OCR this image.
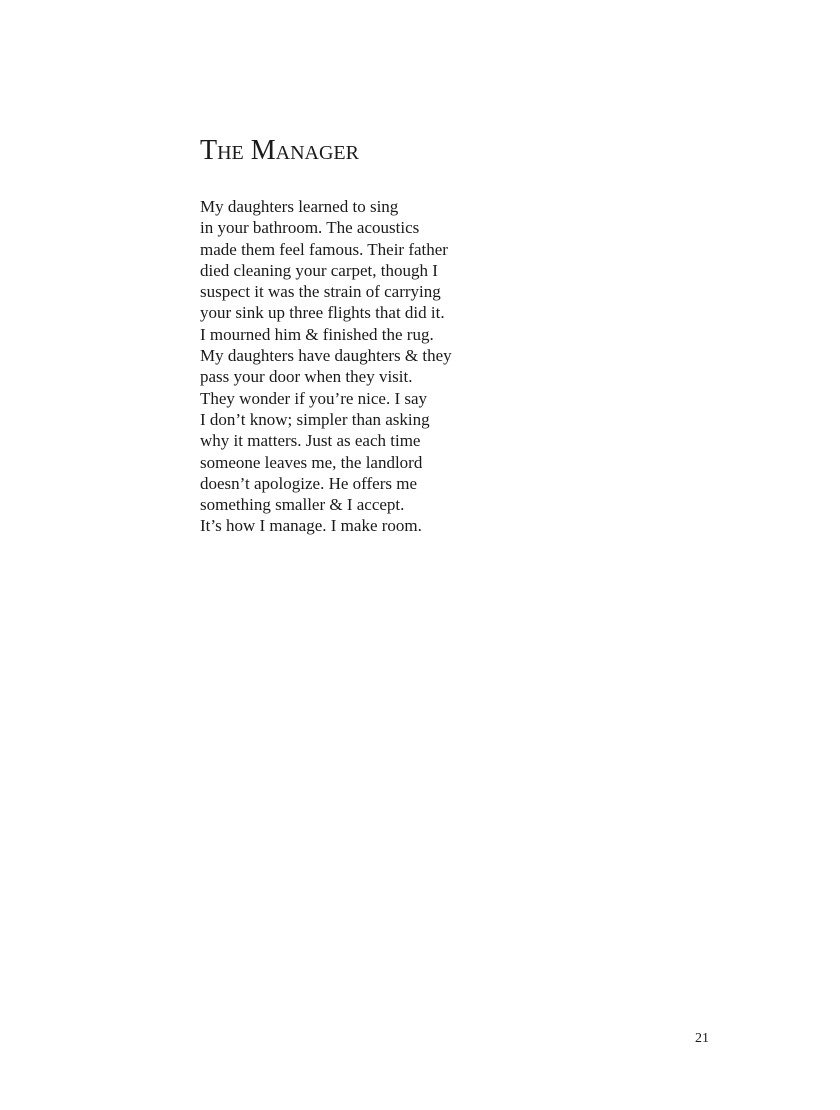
The Manager
My daughters learned to sing
in your bathroom. The acoustics
made them feel famous. Their father
died cleaning your carpet, though I
suspect it was the strain of carrying
your sink up three flights that did it.
I mourned him & finished the rug.
My daughters have daughters & they
pass your door when they visit.
They wonder if you’re nice. I say
I don’t know; simpler than asking
why it matters. Just as each time
someone leaves me, the landlord
doesn’t apologize. He offers me
something smaller & I accept.
It’s how I manage. I make room.
21
